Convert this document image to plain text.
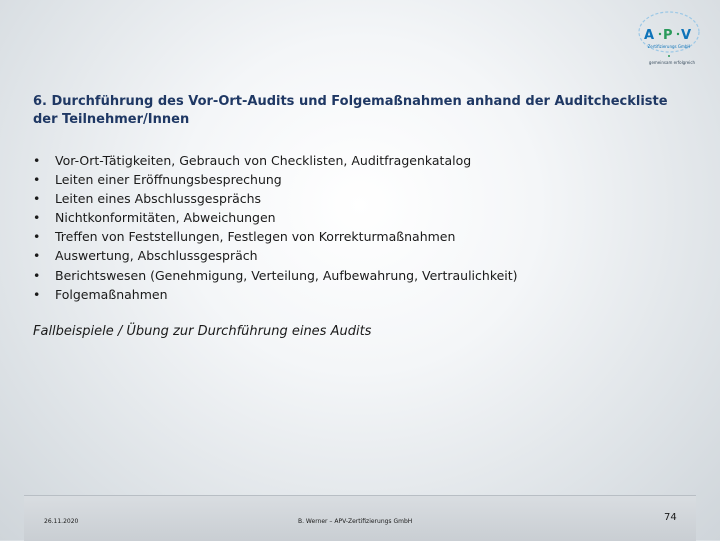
A P V
Zertifizierungs GmbH
gemeinsam erfolgreich
6. Durchführung des Vor-Ort-Audits und Folgemaßnahmen anhand der Auditcheckliste der Teilnehmer/Innen
• Vor-Ort-Tätigkeiten, Gebrauch von Checklisten, Auditfragenkatalog
• Leiten einer Eröffnungsbesprechung
• Leiten eines Abschlussgesprächs
• Nichtkonformitäten, Abweichungen
• Treffen von Feststellungen, Festlegen von Korrekturmaßnahmen
• Auswertung, Abschlussgespräch
• Berichtswesen (Genehmigung, Verteilung, Aufbewahrung, Vertraulichkeit)
• Folgemaßnahmen
Fallbeispiele / Übung zur Durchführung eines Audits
26.11.2020	B. Werner – APV-Zertifizierungs GmbH	74
